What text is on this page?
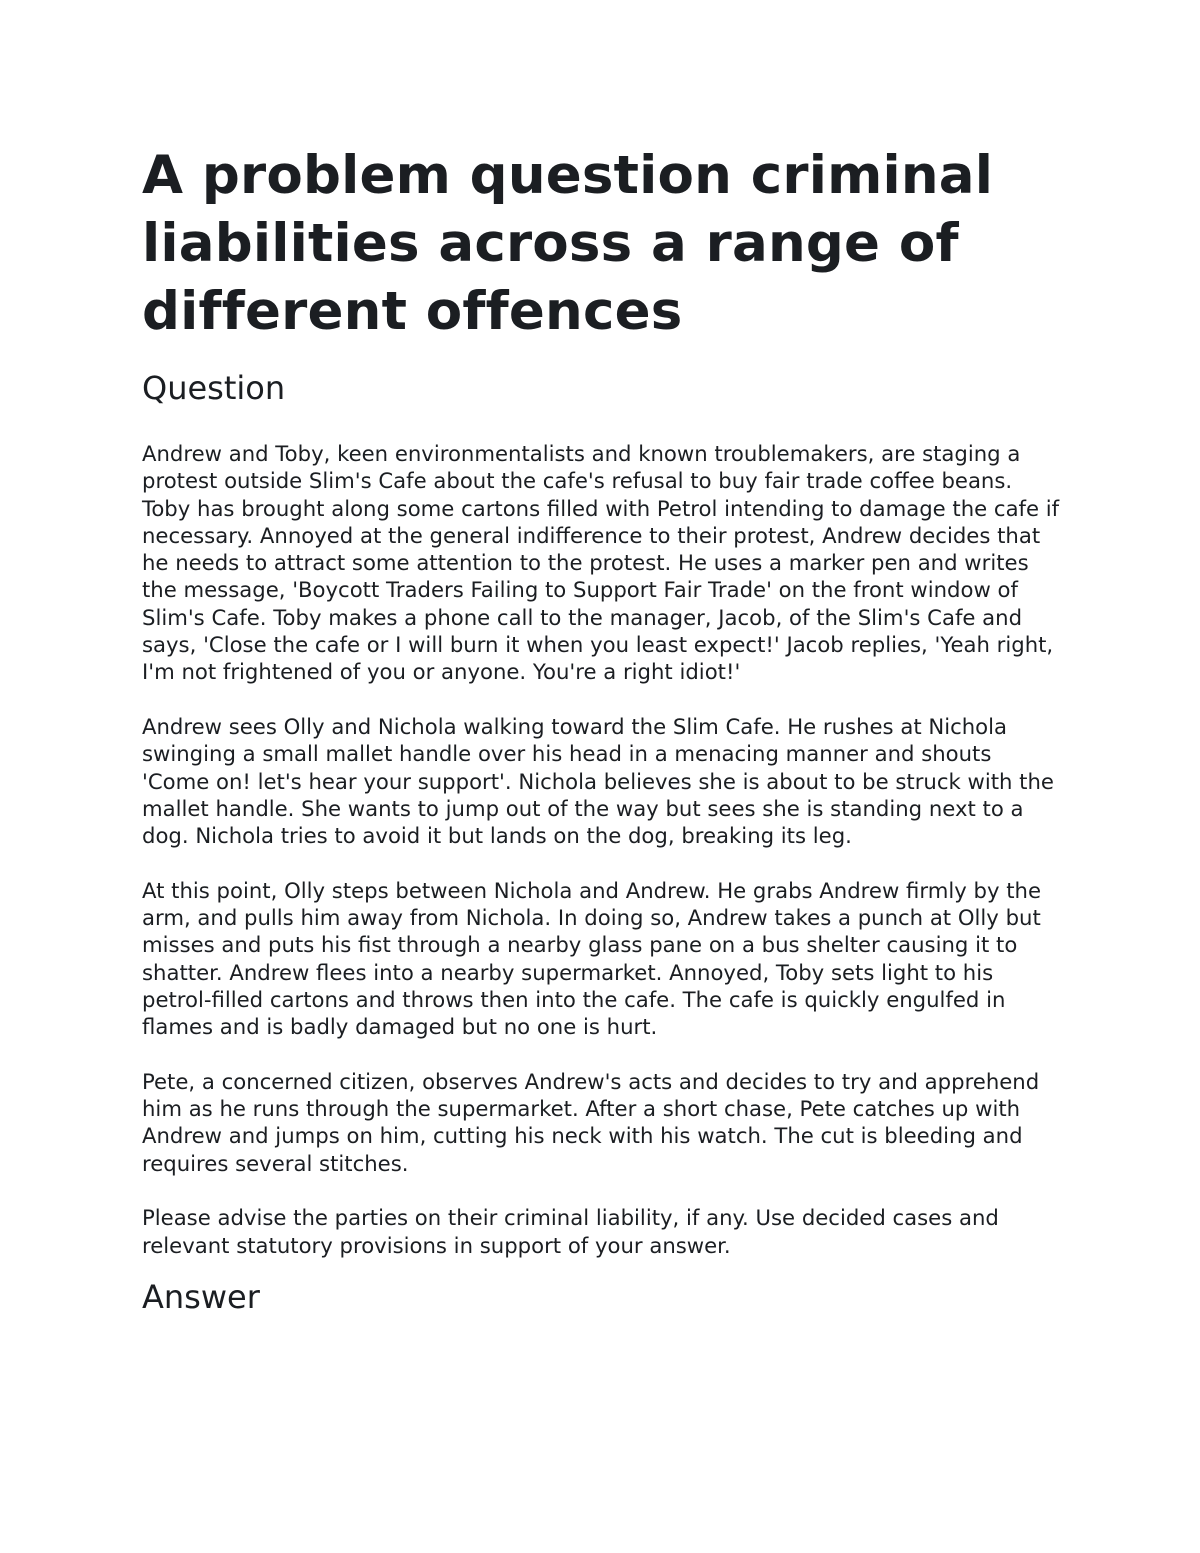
A problem question criminal liabilities across a range of different offences
Question

Andrew and Toby, keen environmentalists and known troublemakers, are staging a protest outside Slim's Cafe about the cafe's refusal to buy fair trade coffee beans. Toby has brought along some cartons filled with Petrol intending to damage the cafe if necessary. Annoyed at the general indifference to their protest, Andrew decides that he needs to attract some attention to the protest. He uses a marker pen and writes the message, 'Boycott Traders Failing to Support Fair Trade' on the front window of Slim's Cafe. Toby makes a phone call to the manager, Jacob, of the Slim's Cafe and says, 'Close the cafe or I will burn it when you least expect!' Jacob replies, 'Yeah right, I'm not frightened of you or anyone. You're a right idiot!'

Andrew sees Olly and Nichola walking toward the Slim Cafe. He rushes at Nichola swinging a small mallet handle over his head in a menacing manner and shouts 'Come on! let's hear your support'. Nichola believes she is about to be struck with the mallet handle. She wants to jump out of the way but sees she is standing next to a dog. Nichola tries to avoid it but lands on the dog, breaking its leg.

At this point, Olly steps between Nichola and Andrew. He grabs Andrew firmly by the arm, and pulls him away from Nichola. In doing so, Andrew takes a punch at Olly but misses and puts his fist through a nearby glass pane on a bus shelter causing it to shatter. Andrew flees into a nearby supermarket. Annoyed, Toby sets light to his petrol-filled cartons and throws then into the cafe. The cafe is quickly engulfed in flames and is badly damaged but no one is hurt.

Pete, a concerned citizen, observes Andrew's acts and decides to try and apprehend him as he runs through the supermarket. After a short chase, Pete catches up with Andrew and jumps on him, cutting his neck with his watch. The cut is bleeding and requires several stitches.

Please advise the parties on their criminal liability, if any. Use decided cases and relevant statutory provisions in support of your answer.

Answer
